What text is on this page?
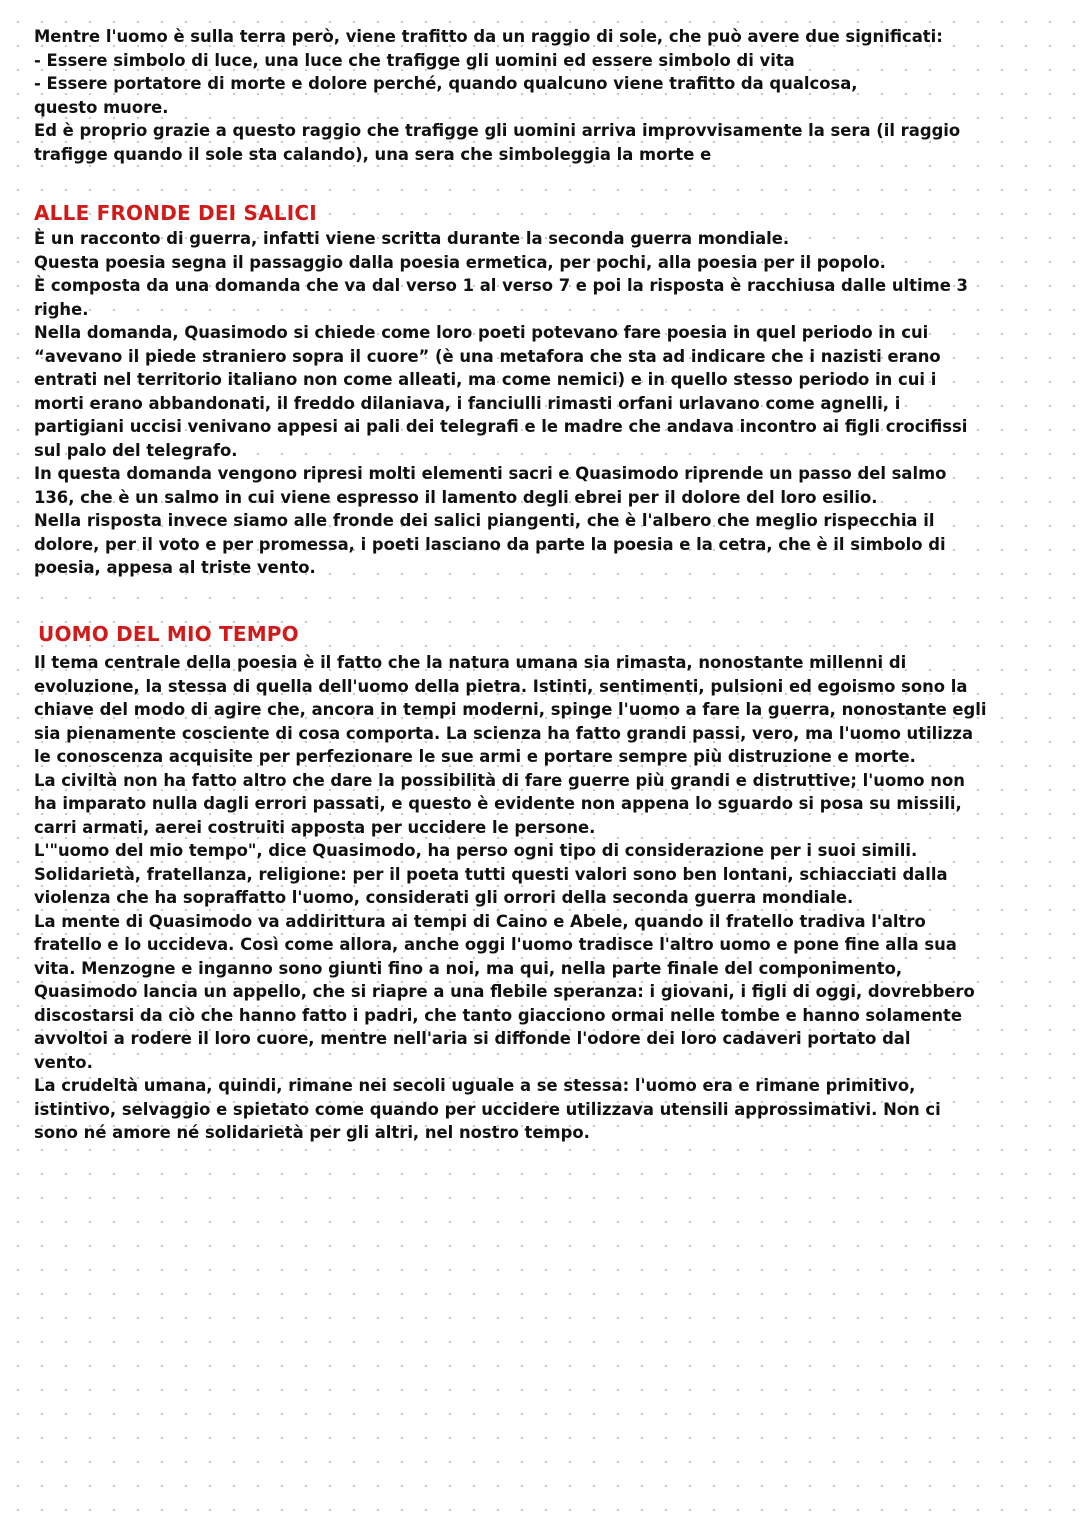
Mentre l'uomo è sulla terra però, viene trafitto da un raggio di sole, che può avere due significati:
- Essere simbolo di luce, una luce che trafigge gli uomini ed essere simbolo di vita
- Essere portatore di morte e dolore perché, quando qualcuno viene trafitto da qualcosa,
questo muore.
Ed è proprio grazie a questo raggio che trafigge gli uomini arriva improvvisamente la sera (il raggio
trafigge quando il sole sta calando), una sera che simboleggia la morte e
ALLE FRONDE DEI SALICI
È un racconto di guerra, infatti viene scritta durante la seconda guerra mondiale.
Questa poesia segna il passaggio dalla poesia ermetica, per pochi, alla poesia per il popolo.
È composta da una domanda che va dal verso 1 al verso 7 e poi la risposta è racchiusa dalle ultime 3
righe.
Nella domanda, Quasimodo si chiede come loro poeti potevano fare poesia in quel periodo in cui
“avevano il piede straniero sopra il cuore” (è una metafora che sta ad indicare che i nazisti erano
entrati nel territorio italiano non come alleati, ma come nemici) e in quello stesso periodo in cui i
morti erano abbandonati, il freddo dilaniava, i fanciulli rimasti orfani urlavano come agnelli, i
partigiani uccisi venivano appesi ai pali dei telegrafi e le madre che andava incontro ai figli crocifissi
sul palo del telegrafo.
In questa domanda vengono ripresi molti elementi sacri e Quasimodo riprende un passo del salmo
136, che è un salmo in cui viene espresso il lamento degli ebrei per il dolore del loro esilio.
Nella risposta invece siamo alle fronde dei salici piangenti, che è l'albero che meglio rispecchia il
dolore, per il voto e per promessa, i poeti lasciano da parte la poesia e la cetra, che è il simbolo di
poesia, appesa al triste vento.
UOMO DEL MIO TEMPO
Il tema centrale della poesia è il fatto che la natura umana sia rimasta, nonostante millenni di
evoluzione, la stessa di quella dell'uomo della pietra. Istinti, sentimenti, pulsioni ed egoismo sono la
chiave del modo di agire che, ancora in tempi moderni, spinge l'uomo a fare la guerra, nonostante egli
sia pienamente cosciente di cosa comporta. La scienza ha fatto grandi passi, vero, ma l'uomo utilizza
le conoscenza acquisite per perfezionare le sue armi e portare sempre più distruzione e morte.
La civiltà non ha fatto altro che dare la possibilità di fare guerre più grandi e distruttive; l'uomo non
ha imparato nulla dagli errori passati, e questo è evidente non appena lo sguardo si posa su missili,
carri armati, aerei costruiti apposta per uccidere le persone.
L'"uomo del mio tempo", dice Quasimodo, ha perso ogni tipo di considerazione per i suoi simili.
Solidarietà, fratellanza, religione: per il poeta tutti questi valori sono ben lontani, schiacciati dalla
violenza che ha sopraffatto l'uomo, considerati gli orrori della seconda guerra mondiale.
La mente di Quasimodo va addirittura ai tempi di Caino e Abele, quando il fratello tradiva l'altro
fratello e lo uccideva. Così come allora, anche oggi l'uomo tradisce l'altro uomo e pone fine alla sua
vita. Menzogne e inganno sono giunti fino a noi, ma qui, nella parte finale del componimento,
Quasimodo lancia un appello, che si riapre a una flebile speranza: i giovani, i figli di oggi, dovrebbero
discostarsi da ciò che hanno fatto i padri, che tanto giacciono ormai nelle tombe e hanno solamente
avvoltoi a rodere il loro cuore, mentre nell'aria si diffonde l'odore dei loro cadaveri portato dal
vento.
La crudeltà umana, quindi, rimane nei secoli uguale a se stessa: l'uomo era e rimane primitivo,
istintivo, selvaggio e spietato come quando per uccidere utilizzava utensili approssimativi. Non ci
sono né amore né solidarietà per gli altri, nel nostro tempo.
